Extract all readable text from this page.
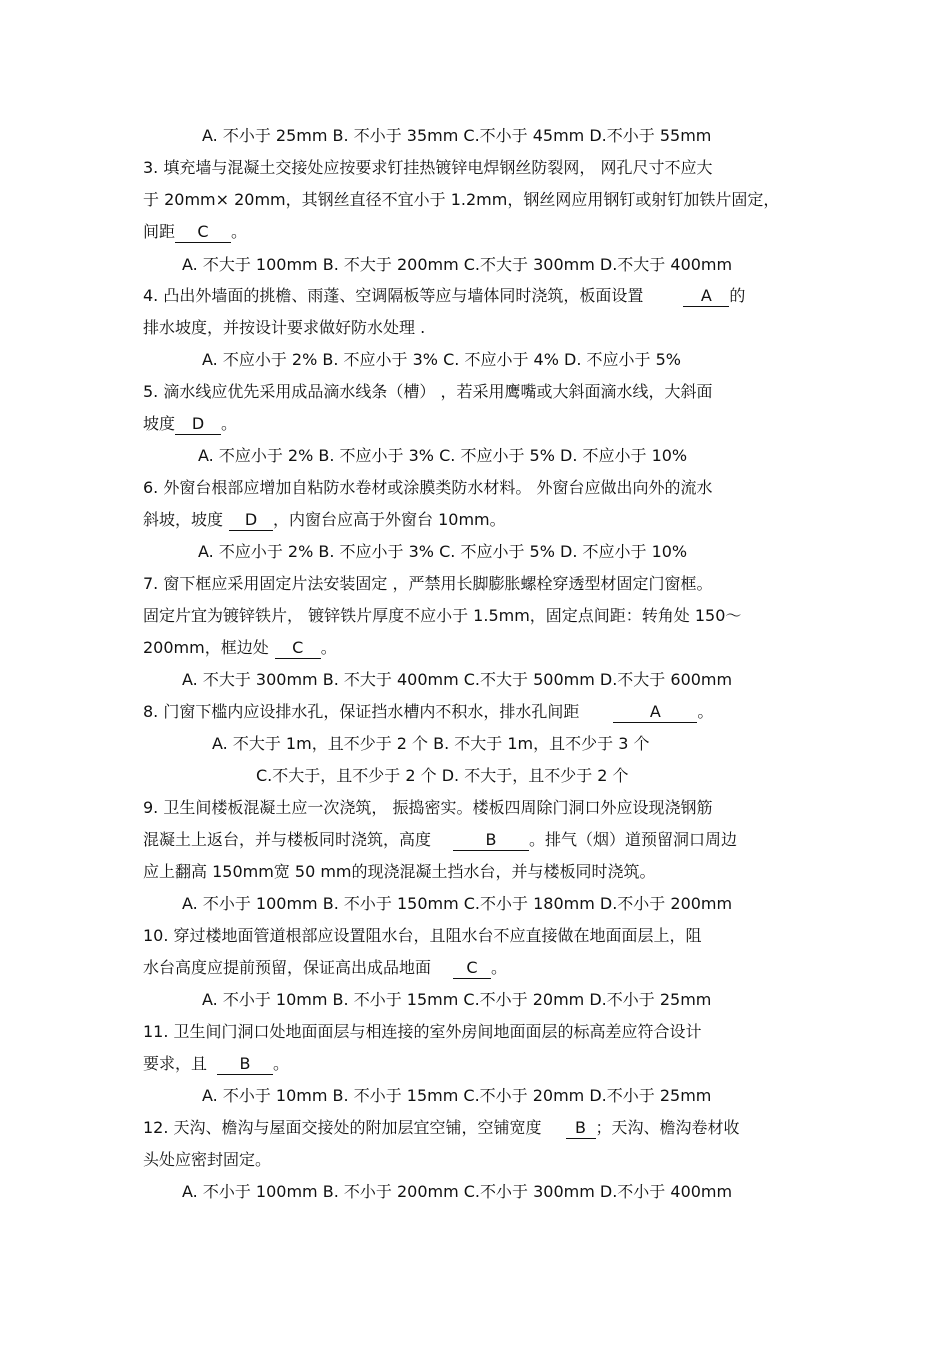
A. 不小于 25mm B. 不小于 35mm C.不小于 45mm D.不小于 55mm
3. 填充墙与混凝土交接处应按要求钉挂热镀锌电焊钢丝防裂网， 网孔尺寸不应大
于 20mm× 20mm，其钢丝直径不宜小于 1.2mm，钢丝网应用钢钉或射钉加铁片固定，
间距 C 。
A. 不大于 100mm B. 不大于 200mm C.不大于 300mm D.不大于 400mm
4. 凸出外墙面的挑檐、雨蓬、空调隔板等应与墙体同时浇筑，板面设置	A 的
排水坡度，并按设计要求做好防水处理 .
A. 不应小于 2% B. 不应小于 3% C. 不应小于 4% D. 不应小于 5%
5. 滴水线应优先采用成品滴水线条（槽） ，若采用鹰嘴或大斜面滴水线，大斜面
坡度 D 。
A. 不应小于 2% B. 不应小于 3% C. 不应小于 5% D. 不应小于 10%
6. 外窗台根部应增加自粘防水卷材或涂膜类防水材料。 外窗台应做出向外的流水
斜坡，坡度 D ，内窗台应高于外窗台 10mm。
A. 不应小于 2% B. 不应小于 3% C. 不应小于 5% D. 不应小于 10%
7. 窗下框应采用固定片法安装固定 ，严禁用长脚膨胀螺栓穿透型材固定门窗框。
固定片宜为镀锌铁片， 镀锌铁片厚度不应小于 1.5mm，固定点间距：转角处 150～
200mm，框边处 C 。
A. 不大于 300mm B. 不大于 400mm C.不大于 500mm D.不大于 600mm
8. 门窗下槛内应设排水孔，保证挡水槽内不积水，排水孔间距	A 。
A. 不大于 1m，且不少于 2 个 B. 不大于 1m，且不少于 3 个
C.不大于，且不少于 2 个 D. 不大于，且不少于 2 个
9. 卫生间楼板混凝土应一次浇筑， 振捣密实。楼板四周除门洞口外应设现浇钢筋
混凝土上返台，并与楼板同时浇筑，高度	B 。排气（烟）道预留洞口周边
应上翻高 150mm宽 50 mm的现浇混凝土挡水台，并与楼板同时浇筑。
A. 不小于 100mm B. 不小于 150mm C.不小于 180mm D.不小于 200mm
10. 穿过楼地面管道根部应设置阻水台，且阻水台不应直接做在地面面层上，阻
水台高度应提前预留，保证高出成品地面 C 。
A. 不小于 10mm B. 不小于 15mm C.不小于 20mm D.不小于 25mm
11. 卫生间门洞口处地面面层与相连接的室外房间地面面层的标高差应符合设计
要求，且 B 。
A. 不小于 10mm B. 不小于 15mm C.不小于 20mm D.不小于 25mm
12. 天沟、檐沟与屋面交接处的附加层宜空铺，空铺宽度 B ；天沟、檐沟卷材收
头处应密封固定。
A. 不小于 100mm B. 不小于 200mm C.不小于 300mm D.不小于 400mm
